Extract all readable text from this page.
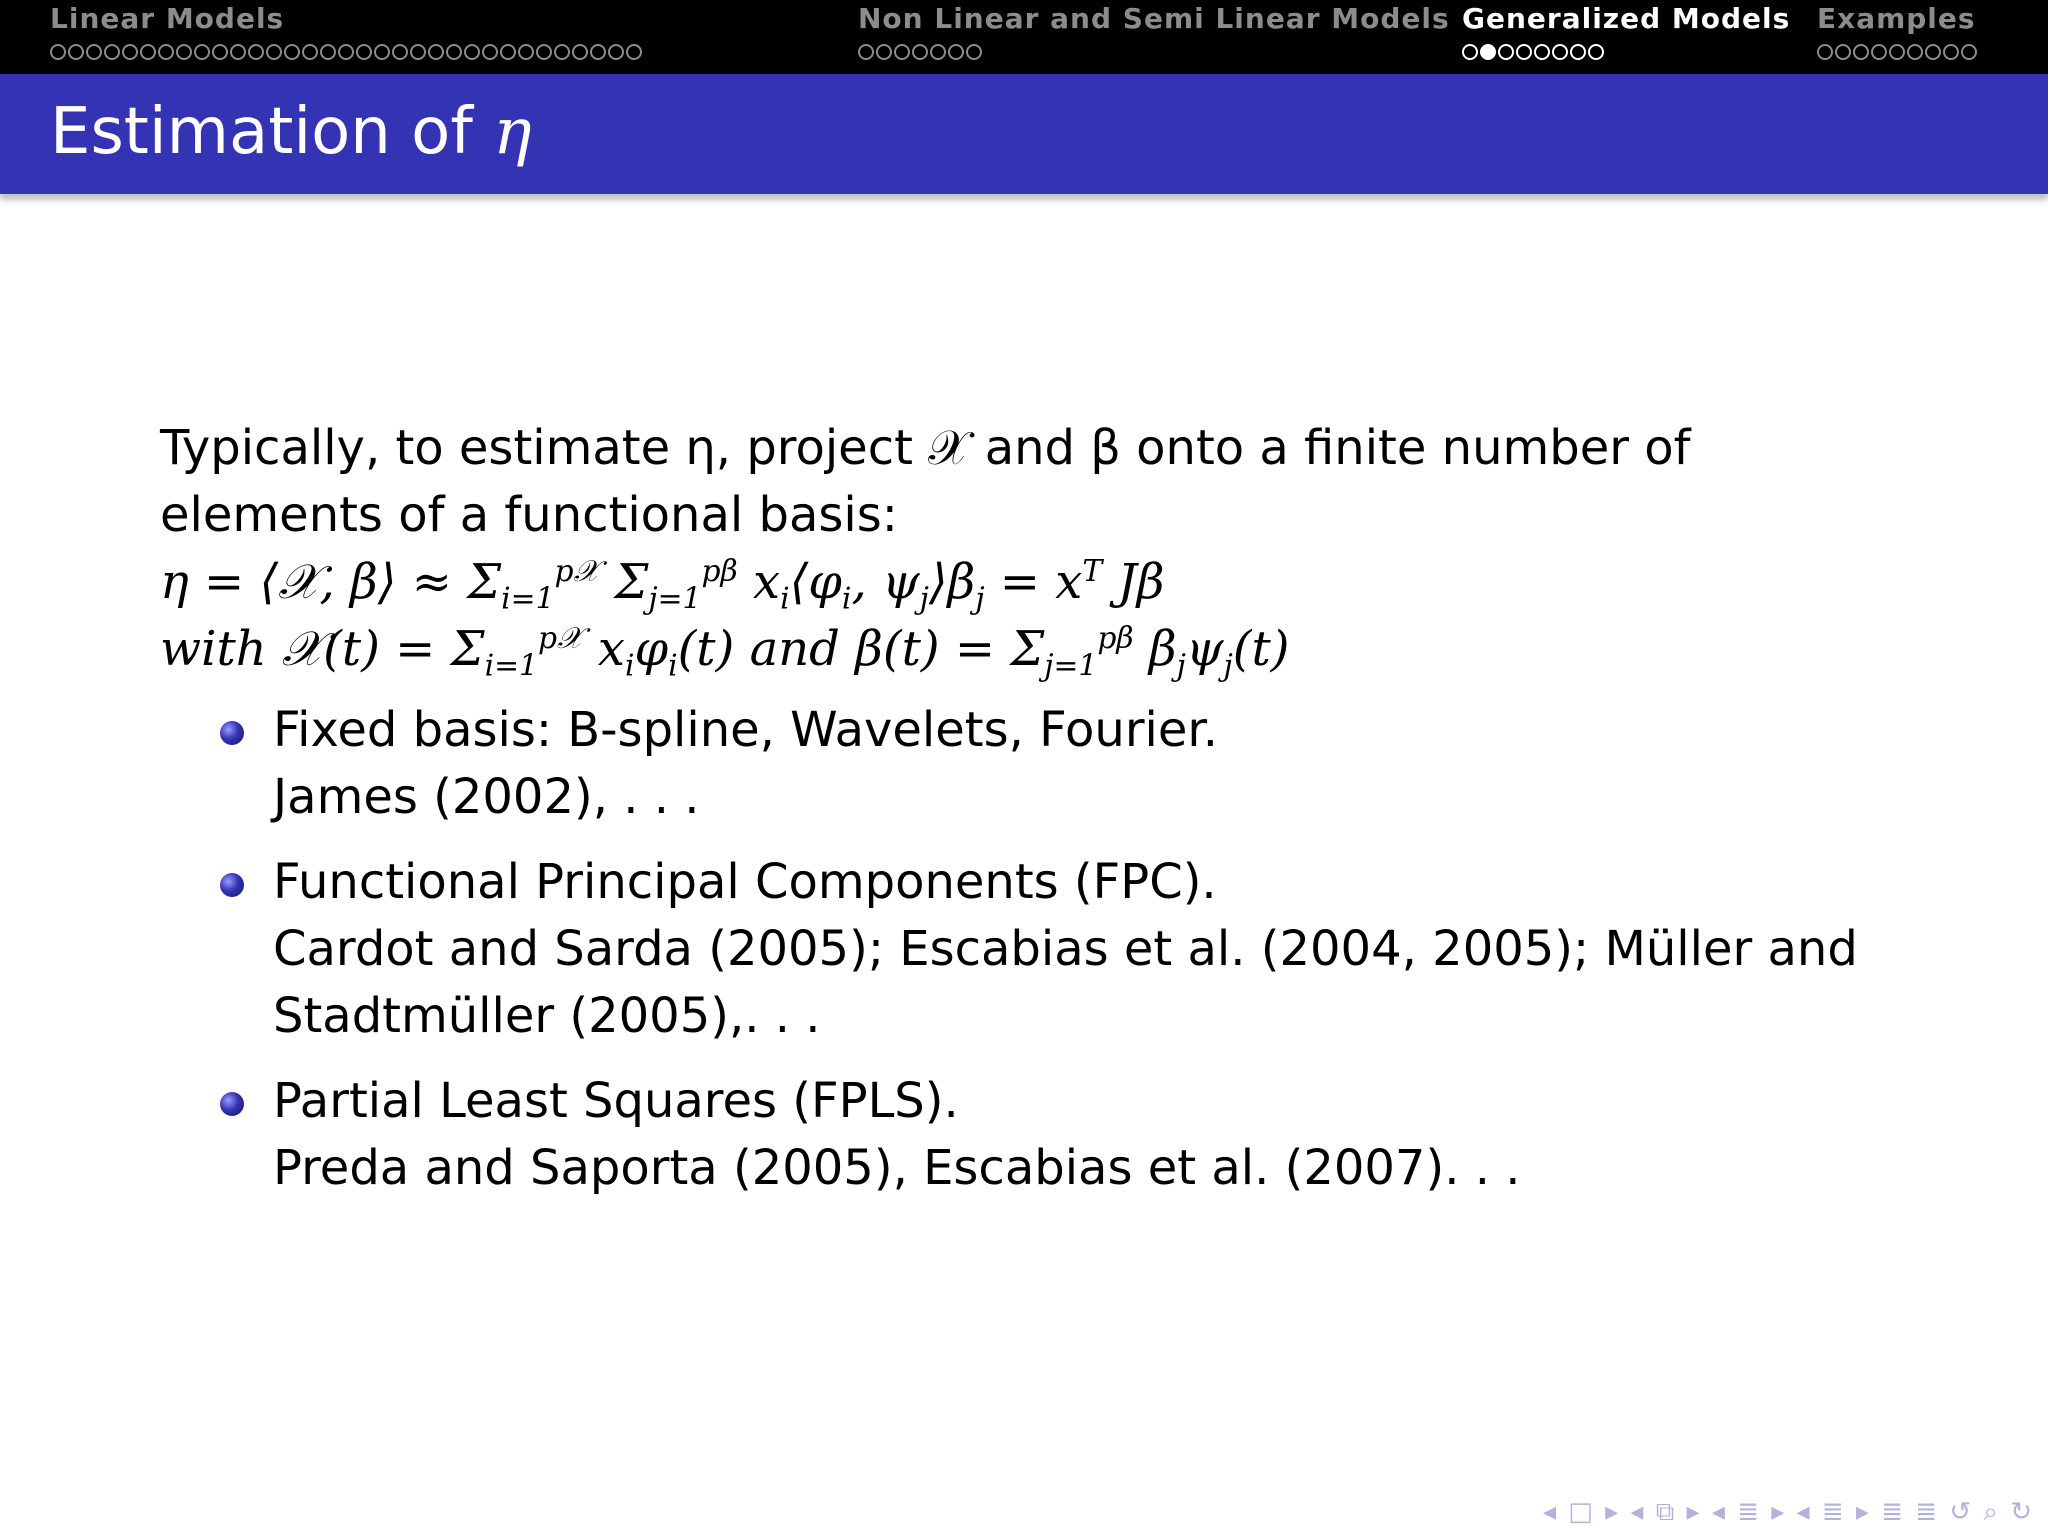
Linear Models	Non Linear and Semi Linear Models Generalized Models Examples
Estimation of η

Typically, to estimate η, project 𝒳 and β onto a finite number of

elements of a functional basis:

η = ⟨𝒳, β⟩ ≈ $\Sigma_{i=1}^{p𝒳}$ $\Sigma_{j=1}^{p\beta}$ $x_i⟨\varphi_i$, $\psi_j⟩\beta_j = x^T$ Jβ

with 𝒳(t) = $\Sigma_{i=1}^{p𝒳}$ $x_i\varphi_i(t)$ and $\beta(t) = \Sigma_{j=1}^{p\beta}$ $\beta_j\psi_j(t)$

Fixed basis: B-spline, Wavelets, Fourier.
James (2002), . . .
Functional Principal Components (FPC).
Cardot and Sarda (2005); Escabias et al. (2004, 2005); Müller and
Stadtmüller (2005),. . .
Partial Least Squares (FPLS).
Preda and Saporta (2005), Escabias et al. (2007). . .
◂ □ ▸ ◂ ⧉ ▸ ◂ ≣ ▸ ◂ ≣ ▸ ≣ ≣ ↺ ⌕ ↻
